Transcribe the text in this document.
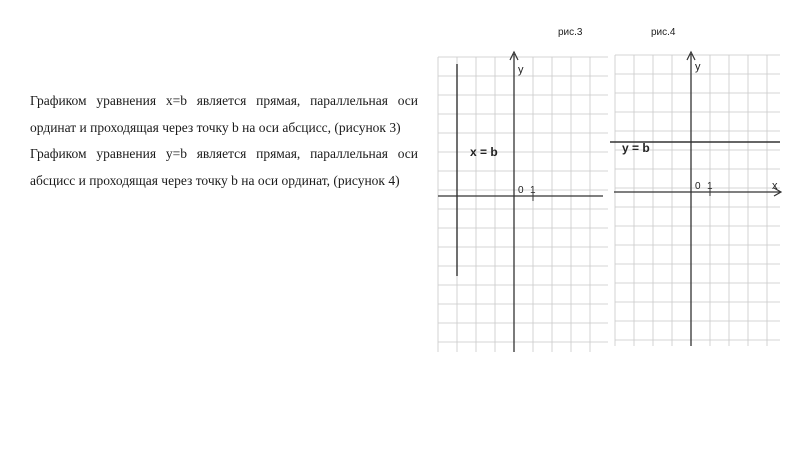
Графиком уравнения x=b является прямая, параллельная оси ординат и проходящая через точку b на оси абсцисс, (рисунок 3)

Графиком уравнения y=b является прямая, параллельная оси абсцисс и проходящая через точку b на оси ординат, (рисунок 4)

рис.3	рис.4
y
0 1
x = b
y
x
0 1
y = b
